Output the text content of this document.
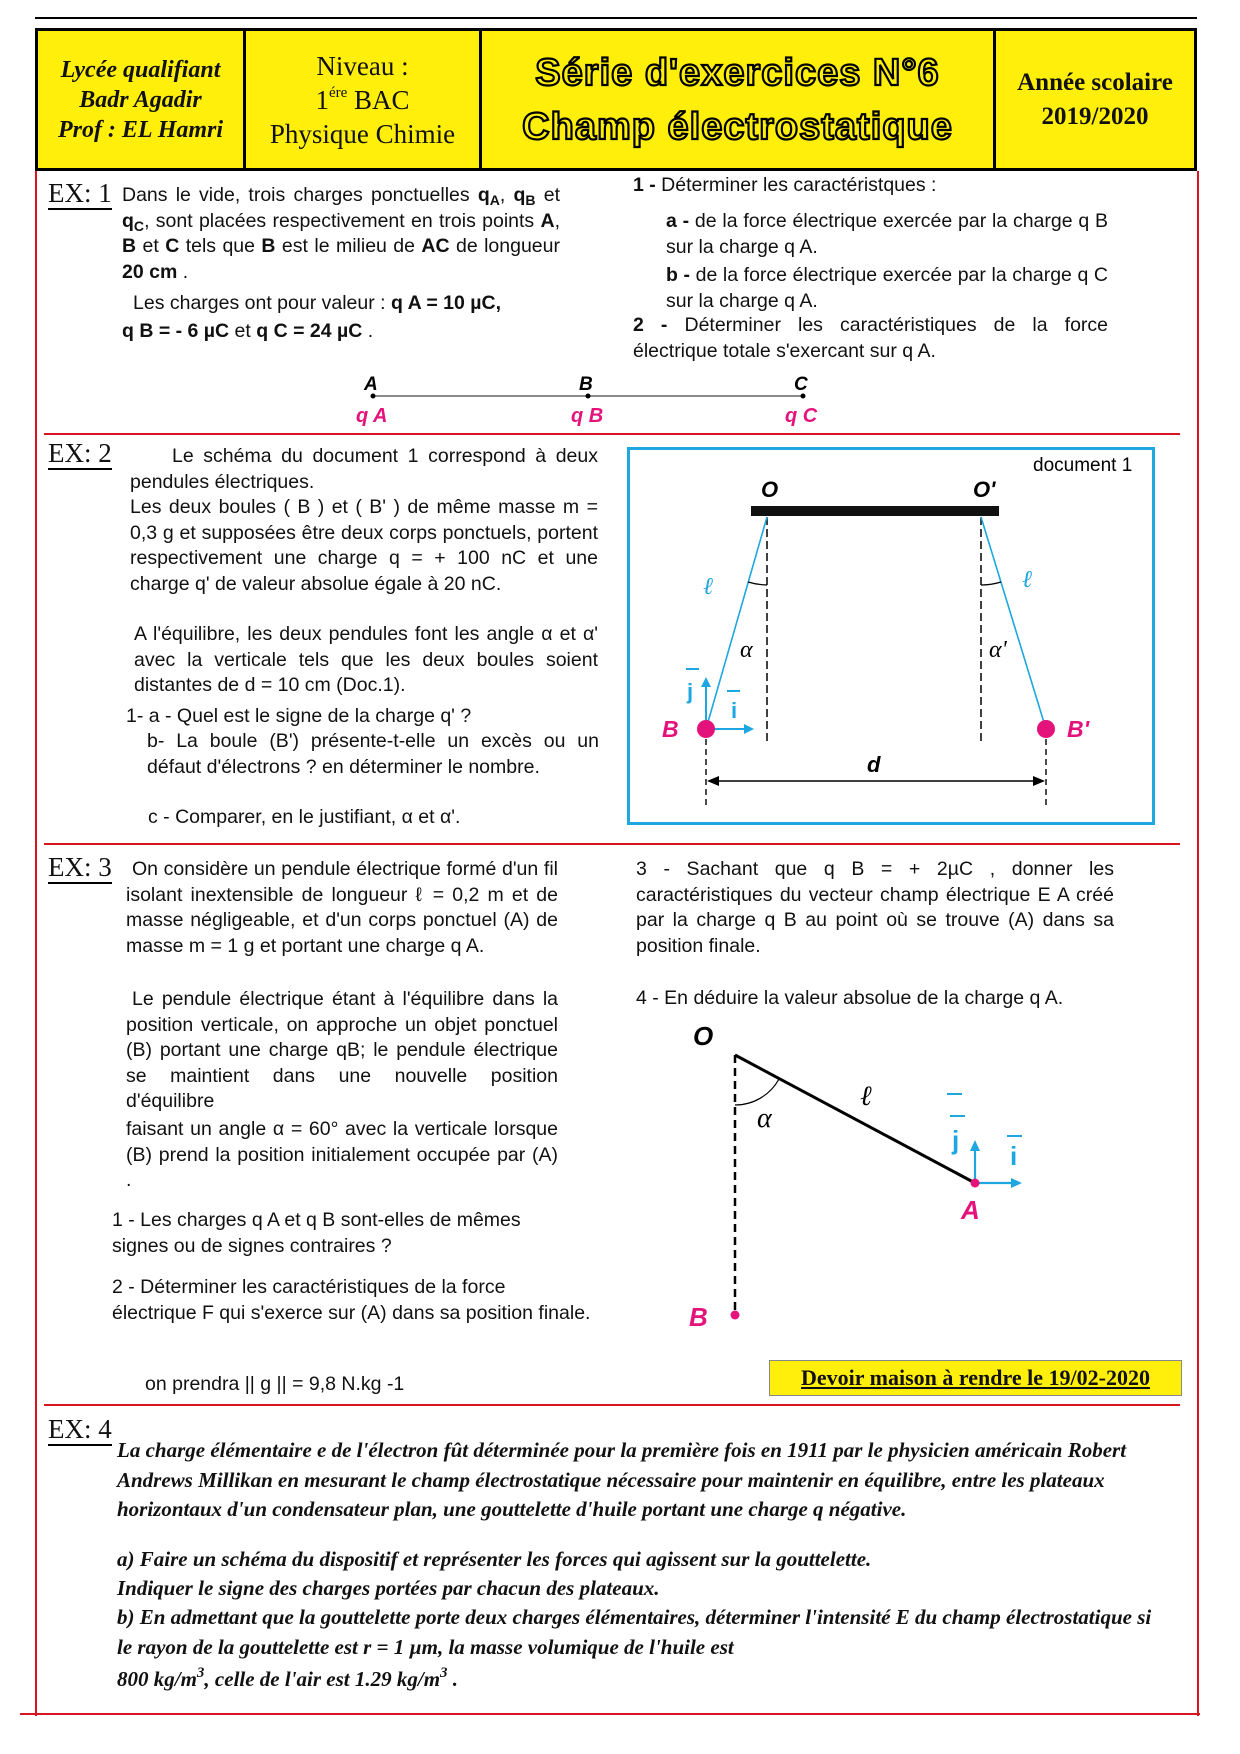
Lycée qualifiant
Badr Agadir
Prof : EL Hamri
Niveau :
$1^{ére}$ BAC
Physique Chimie
Série d'exercices N°6
Champ électrostatique
Année scolaire
2019/2020
EX: 1 Dans le vide, trois charges ponctuelles $q_A$, $q_B$ et $q_C$, sont placées respectivement en trois points A, B et C tels que B est le milieu de AC de longueur 20 cm .
Les charges ont pour valeur : q A = 10 µC,
q B = - 6 µC et q C = 24 µC .
1 - Déterminer les caractéristques :
a - de la force électrique exercée par la charge q B sur la charge q A.
b - de la force électrique exercée par la charge q C sur la charge q A.
2 - Déterminer les caractéristiques de la force électrique totale s'exercant sur q A.
A	B	C
q A	q B	q C
EX: 2	Le schéma du document 1 correspond à deux pendules électriques.
Les deux boules ( B ) et ( B' ) de même masse m = 0,3 g et supposées être deux corps ponctuels, portent respectivement une charge q = + 100 nC et une charge q' de valeur absolue égale à 20 nC.
A l'équilibre, les deux pendules font les angle α et α' avec la verticale tels que les deux boules soient distantes de d = 10 cm (Doc.1).
1- a - Quel est le signe de la charge q' ?
b- La boule (B') présente-t-elle un excès ou un défaut d'électrons ? en déterminer le nombre.
c - Comparer, en le justifiant, α et α'.
document 1
O	O'
ℓ	ℓ
α	α'
j
i
B	B'
d
EX: 3	On considère un pendule électrique formé d'un fil isolant inextensible de longueur ℓ = 0,2 m et de masse négligeable, et d'un corps ponctuel (A) de masse m = 1 g et portant une charge q A.
Le pendule électrique étant à l'équilibre dans la position verticale, on approche un objet ponctuel (B) portant une charge qB; le pendule électrique se maintient dans une nouvelle position d'équilibre
faisant un angle α = 60° avec la verticale lorsque (B) prend la position initialement occupée par (A) .
1 - Les charges q A et q B sont-elles de mêmes signes ou de signes contraires ?
2 - Déterminer les caractéristiques de la force électrique F qui s'exerce sur (A) dans sa position finale.
on prendra || g || = 9,8 N.kg -1
3 - Sachant que q B = + 2µC , donner les caractéristiques du vecteur champ électrique E A créé par la charge q B au point où se trouve (A) dans sa position finale.
4 - En déduire la valeur absolue de la charge q A.
O
α
ℓ
j
i
i
A
B
Devoir maison à rendre le 19/02-2020
EX: 4
La charge élémentaire e de l'électron fût déterminée pour la première fois en 1911 par le physicien américain Robert Andrews Millikan en mesurant le champ électrostatique nécessaire pour maintenir en équilibre, entre les plateaux horizontaux d'un condensateur plan, une gouttelette d'huile portant une charge q négative.
a) Faire un schéma du dispositif et représenter les forces qui agissent sur la gouttelette.
Indiquer le signe des charges portées par chacun des plateaux.
b) En admettant que la gouttelette porte deux charges élémentaires, déterminer l'intensité E du champ électrostatique si le rayon de la gouttelette est r = 1 µm, la masse volumique de l'huile est
800 $kg/m^3$, celle de l'air est 1.29 $kg/m^3$ .
